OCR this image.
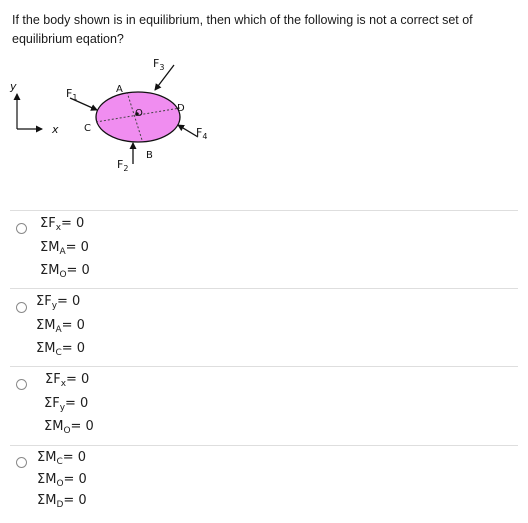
If the body shown is in equilibrium, then which of the following is not a correct set of equilibrium eqation?
y
x
O
A
D
C
B
$F_1$
$F_2$
$F_3$
$F_4$
$\Sigma F_x= 0$
$\Sigma M_A= 0$
$\Sigma M_O= 0$
$\Sigma F_y= 0$
$\Sigma M_A= 0$
$\Sigma M_C= 0$
$\Sigma F_x= 0$
$\Sigma F_y= 0$
$\Sigma M_O= 0$
$\Sigma M_C= 0$
$\Sigma M_O= 0$
$\Sigma M_D= 0$
